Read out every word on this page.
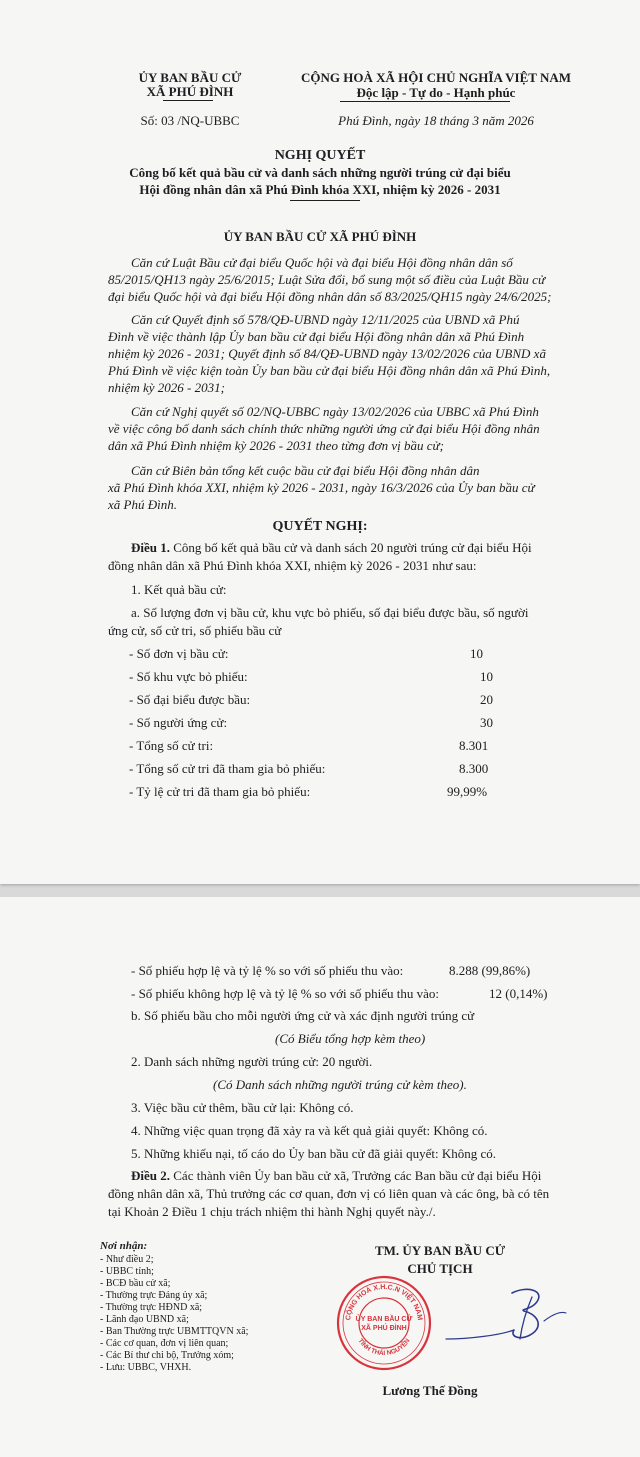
ỦY BAN BẦU CỬ
XÃ PHÚ ĐÌNH
Số: 03 /NQ-UBBC
CỘNG HOÀ XÃ HỘI CHỦ NGHĨA VIỆT NAM
Độc lập - Tự do - Hạnh phúc
Phú Đình, ngày 18 tháng 3 năm 2026
NGHỊ QUYẾT
Công bố kết quả bầu cử và danh sách những người trúng cử đại biểu
Hội đồng nhân dân xã Phú Đình khóa XXI, nhiệm kỳ 2026 - 2031
ỦY BAN BẦU CỬ XÃ PHÚ ĐÌNH
Căn cứ Luật Bầu cử đại biểu Quốc hội và đại biểu Hội đồng nhân dân số
85/2015/QH13 ngày 25/6/2015; Luật Sửa đổi, bổ sung một số điều của Luật Bầu cử
đại biểu Quốc hội và đại biểu Hội đồng nhân dân số 83/2025/QH15 ngày 24/6/2025;
Căn cứ Quyết định số 578/QĐ-UBND ngày 12/11/2025 của UBND xã Phú
Đình về việc thành lập Ủy ban bầu cử đại biểu Hội đồng nhân dân xã Phú Đình
nhiệm kỳ 2026 - 2031; Quyết định số 84/QĐ-UBND ngày 13/02/2026 của UBND xã
Phú Đình về việc kiện toàn Ủy ban bầu cử đại biểu Hội đồng nhân dân xã Phú Đình,
nhiệm kỳ 2026 - 2031;
Căn cứ Nghị quyết số 02/NQ-UBBC ngày 13/02/2026 của UBBC xã Phú Đình
về việc công bố danh sách chính thức những người ứng cử đại biểu Hội đồng nhân
dân xã Phú Đình nhiệm kỳ 2026 - 2031 theo từng đơn vị bầu cử;
Căn cứ Biên bản tổng kết cuộc bầu cử đại biểu Hội đồng nhân dân
xã Phú Đình khóa XXI, nhiệm kỳ 2026 - 2031, ngày 16/3/2026 của Ủy ban bầu cử
xã Phú Đình.
QUYẾT NGHỊ:
Điều 1. Công bố kết quả bầu cử và danh sách 20 người trúng cử đại biểu Hội
đồng nhân dân xã Phú Đình khóa XXI, nhiệm kỳ 2026 - 2031 như sau:
1. Kết quả bầu cử:
a. Số lượng đơn vị bầu cử, khu vực bỏ phiếu, số đại biểu được bầu, số người
ứng cử, số cử tri, số phiếu bầu cử
- Số đơn vị bầu cử:	10
- Số khu vực bỏ phiếu:	10
- Số đại biểu được bầu:	20
- Số người ứng cử:	30
- Tổng số cử tri:	8.301
- Tổng số cử tri đã tham gia bỏ phiếu:	8.300
- Tỷ lệ cử tri đã tham gia bỏ phiếu:	99,99%
- Số phiếu hợp lệ và tỷ lệ % so với số phiếu thu vào:	8.288 (99,86%)
- Số phiếu không hợp lệ và tỷ lệ % so với số phiếu thu vào:	12 (0,14%)
b. Số phiếu bầu cho mỗi người ứng cử và xác định người trúng cử
(Có Biểu tổng hợp kèm theo)
2. Danh sách những người trúng cử: 20 người.
(Có Danh sách những người trúng cử kèm theo).
3. Việc bầu cử thêm, bầu cử lại: Không có.
4. Những việc quan trọng đã xảy ra và kết quả giải quyết: Không có.
5. Những khiếu nại, tố cáo do Ủy ban bầu cử đã giải quyết: Không có.
Điều 2. Các thành viên Ủy ban bầu cử xã, Trưởng các Ban bầu cử đại biểu Hội
đồng nhân dân xã, Thủ trưởng các cơ quan, đơn vị có liên quan và các ông, bà có tên
tại Khoản 2 Điều 1 chịu trách nhiệm thi hành Nghị quyết này./.
Nơi nhận:
- Như điều 2;
- UBBC tỉnh;
- BCĐ bầu cử xã;
- Thường trực Đảng ủy xã;
- Thường trực HĐND xã;
- Lãnh đạo UBND xã;
- Ban Thường trực UBMTTQVN xã;
- Các cơ quan, đơn vị liên quan;
- Các Bí thư chi bộ, Trưởng xóm;
- Lưu: UBBC, VHXH.
TM. ỦY BAN BẦU CỬ
CHỦ TỊCH
CỘNG HOÀ X.H.C.N VIỆT NAM
TỈNH THÁI NGUYÊN
ỦY BAN BẦU CỬ
XÃ PHÚ ĐÌNH
Lương Thế Đồng
